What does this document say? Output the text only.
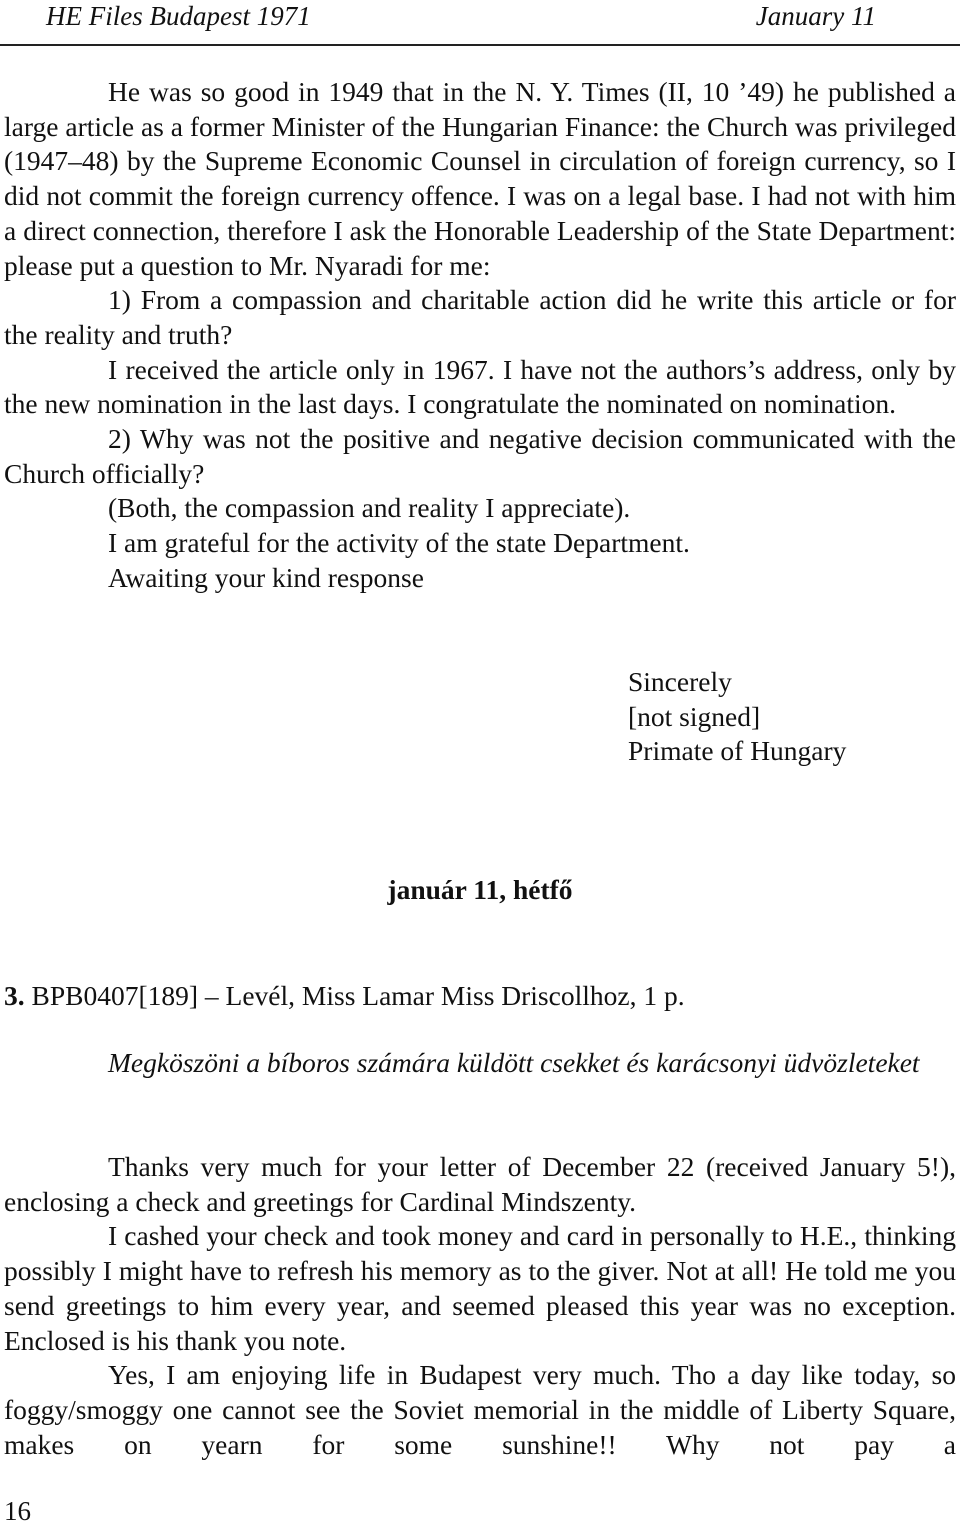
HE Files Budapest 1971	January 11
He was so good in 1949 that in the N. Y. Times (II, 10 ’49) he published a large article as a former Minister of the Hungarian Finance: the Church was privileged (1947–48) by the Supreme Economic Counsel in circulation of foreign currency, so I did not commit the foreign currency offence. I was on a legal base. I had not with him a direct connection, therefore I ask the Honorable Leadership of the State Department: please put a question to Mr. Nyaradi for me:
1) From a compassion and charitable action did he write this article or for the reality and truth?
I received the article only in 1967. I have not the authors’s address, only by the new nomination in the last days. I congratulate the nominated on nomination.
2) Why was not the positive and negative decision communicated with the Church officially?
(Both, the compassion and reality I appreciate).
I am grateful for the activity of the state Department.
Awaiting your kind response
Sincerely
[not signed]
Primate of Hungary
január 11, hétfő
3. BPB0407[189] – Levél, Miss Lamar Miss Driscollhoz, 1 p.
Megköszöni a bíboros számára küldött csekket és karácsonyi üdvözleteket
Thanks very much for your letter of December 22 (received January 5!), enclosing a check and greetings for Cardinal Mindszenty.
I cashed your check and took money and card in personally to H.E., thinking possibly I might have to refresh his memory as to the giver. Not at all! He told me you send greetings to him every year, and seemed pleased this year was no exception. Enclosed is his thank you note.
Yes, I am enjoying life in Budapest very much. Tho a day like today, so foggy/smoggy one cannot see the Soviet memorial in the middle of Liberty Square, makes on yearn for some sunshine!! Why not pay a
16
